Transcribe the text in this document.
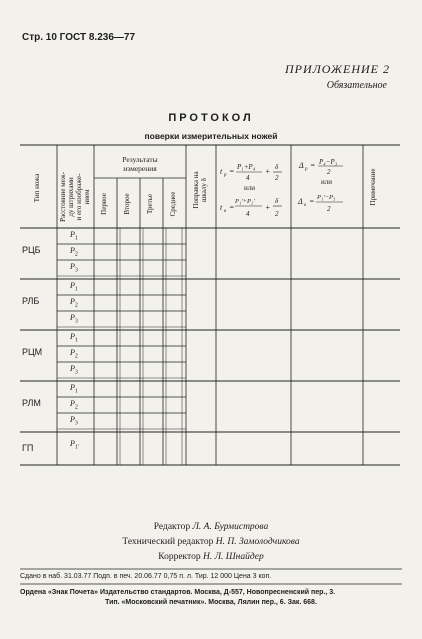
Стр. 10 ГОСТ 8.236—77
ПРИЛОЖЕНИЕ 2
Обязательное
ПРОТОКОЛ
поверки измерительных ножей
Тип ножа
Расстояние меж-
ду штрихами
и его изображе-
нием
Результаты
измерения
Первое Второе Третье Среднее Поправка на
шкалу δ	Примечание
t р = P₁+P₄
4
+ δ
2
или
t в =
P₁′+P₂′
4
+
δ
2
Δ р = P₄−P₃
2
или
Δ в = P₁′−P₃
2
РЦБ
$P_1$
$P_2$
$P_3$
РЛБ
$P_1$
$P_2$
$P_3$
РЦМ
$P_1$
$P_2$
$P_3$
РЛМ
$P_1$
$P_2$
$P_3$
ГП	$P_{1'}$
Редактор Л. А. Бурмистрова
Технический редактор Н. П. Замолодчикова
Корректор Н. Л. Шнайдер
Сдано в наб. 31.03.77 Подп. в печ. 20.06.77 0,75 п. л. Тир. 12 000 Цена 3 коп.
Ордена «Знак Почета» Издательство стандартов. Москва, Д-557, Новопресненский пер., 3.
Тип. «Московский печатник». Москва, Лялин пер., 6. Зак. 668.
